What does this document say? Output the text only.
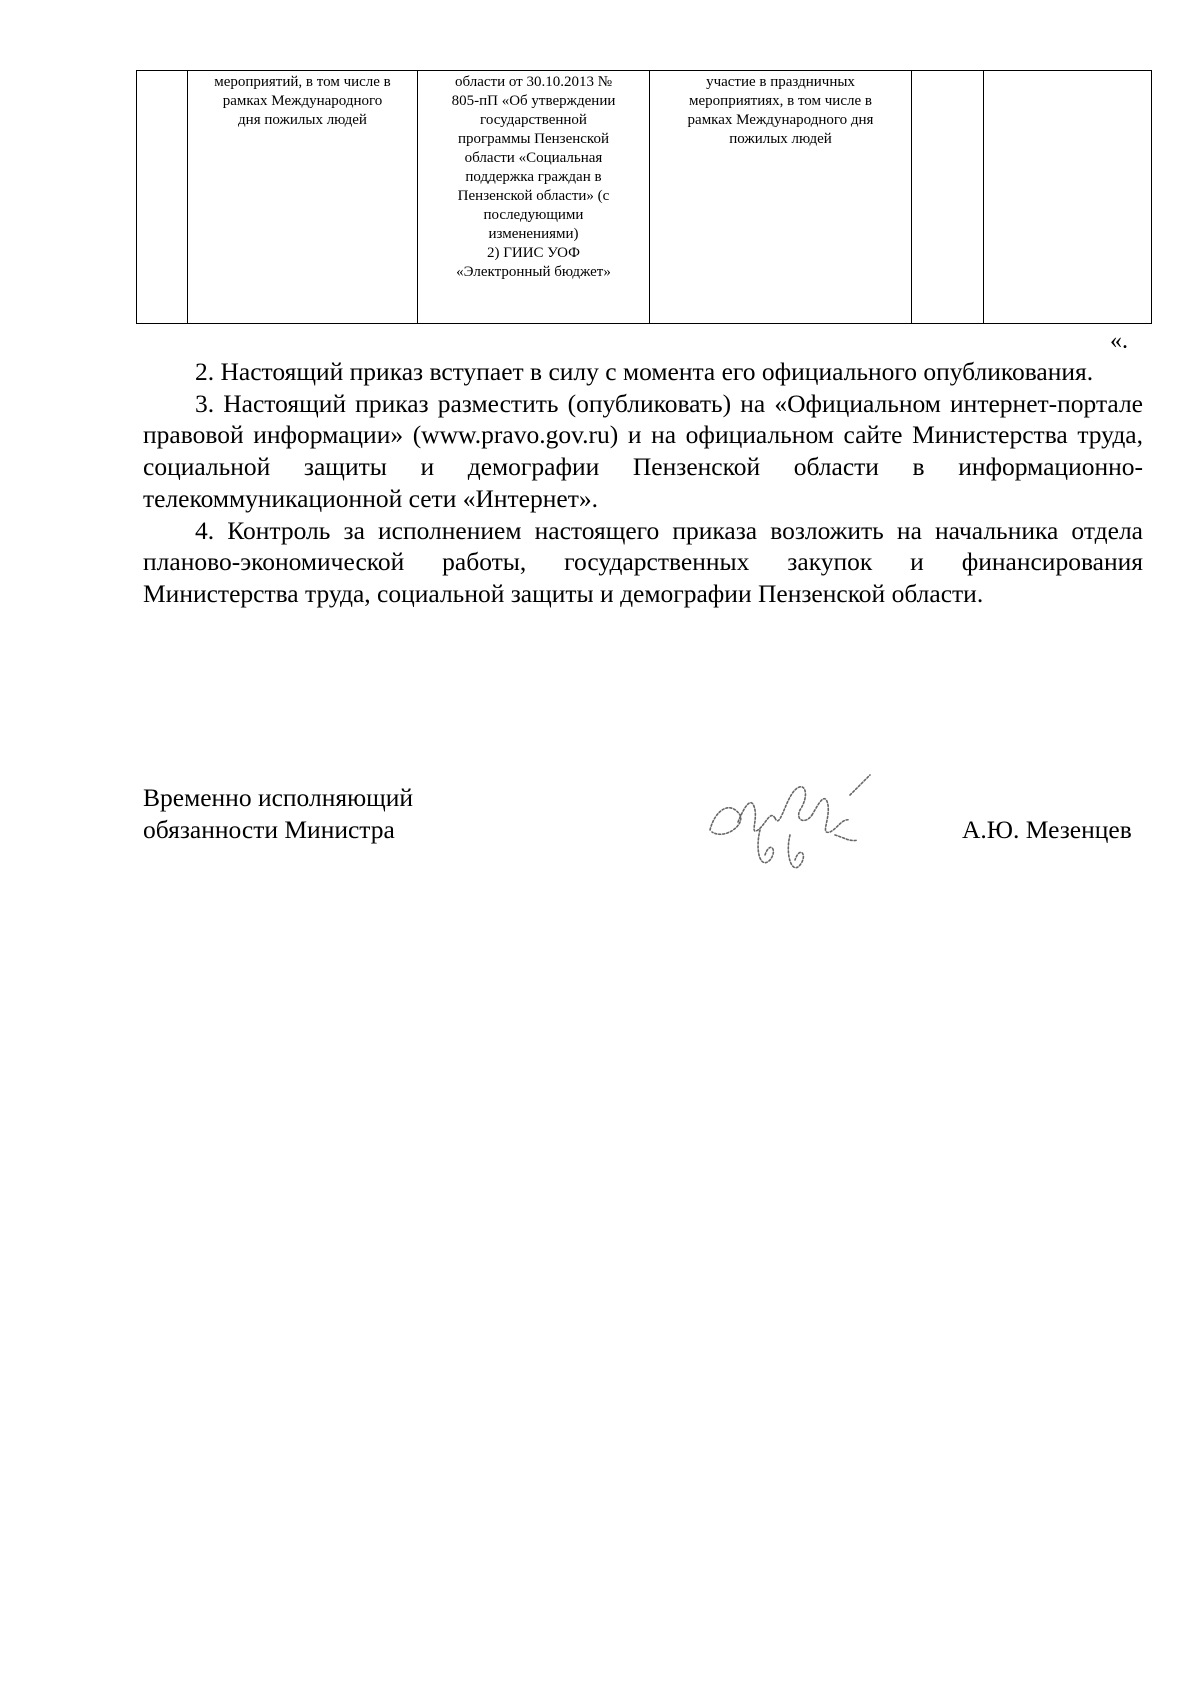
	мероприятий, в том числе в
рамках Международного
дня пожилых людей	области от 30.10.2013 №
805-пП «Об утверждении
государственной
программы Пензенской
области «Социальная
поддержка граждан в
Пензенской области» (с
последующими
изменениями)
2) ГИИС УОФ
«Электронный бюджет»	участие в праздничных
мероприятиях, в том числе в
рамках Международного дня
пожилых людей		
«.

2. Настоящий приказ вступает в силу с момента его официального опубликования.

3. Настоящий приказ разместить (опубликовать) на «Официальном интернет-портале правовой информации» (www.pravo.gov.ru) и на официальном сайте Министерства труда, социальной защиты и демографии Пензенской области в информационно-телекоммуникационной сети «Интернет».

4. Контроль за исполнением настоящего приказа возложить на начальника отдела планово-экономической работы, государственных закупок и финансирования Министерства труда, социальной защиты и демографии Пензенской области.

Временно исполняющий
обязанности Министра	А.Ю. Мезенцев
